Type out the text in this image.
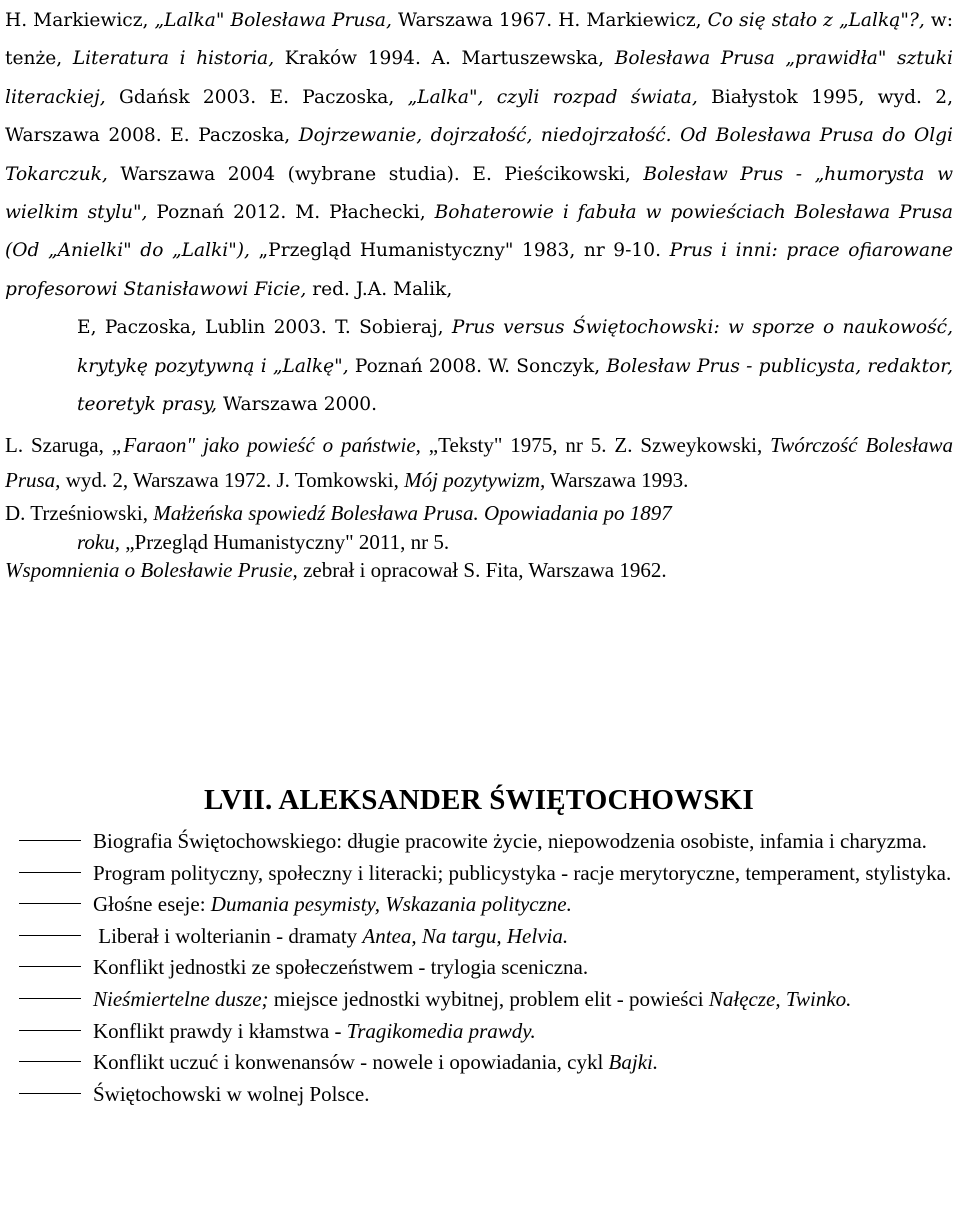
H. Markiewicz, „Lalka" Bolesława Prusa, Warszawa 1967. H. Markiewicz, Co się stało z „Lalką"?, w: tenże, Literatura i historia, Kraków 1994. A. Martuszewska, Bolesława Prusa „prawidła" sztuki literackiej, Gdańsk 2003. E. Paczoska, „Lalka", czyli rozpad świata, Białystok 1995, wyd. 2, Warszawa 2008. E. Paczoska, Dojrzewanie, dojrzałość, niedojrzałość. Od Bolesława Prusa do Olgi Tokarczuk, Warszawa 2004 (wybrane studia). E. Pieścikowski, Bolesław Prus - „humorysta w wielkim stylu", Poznań 2012. M. Płachecki, Bohaterowie i fabuła w powieściach Bolesława Prusa (Od „Anielki" do „Lalki"), „Przegląd Humanistyczny" 1983, nr 9-10. Prus i inni: prace ofiarowane profesorowi Stanisławowi Ficie, red. J.A. Malik,

E, Paczoska, Lublin 2003. T. Sobieraj, Prus versus Świętochowski: w sporze o naukowość, krytykę pozytywną i „Lalkę", Poznań 2008. W. Sonczyk, Bolesław Prus - publicysta, redaktor, teoretyk prasy, Warszawa 2000.

L. Szaruga, „Faraon" jako powieść o państwie, „Teksty" 1975, nr 5. Z. Szweykowski, Twórczość Bolesława Prusa, wyd. 2, Warszawa 1972. J. Tomkowski, Mój pozytywizm, Warszawa 1993.

D. Trześniowski, Małżeńska spowiedź Bolesława Prusa. Opowiadania po 1897

roku, „Przegląd Humanistyczny" 2011, nr 5.

Wspomnienia o Bolesławie Prusie, zebrał i opracował S. Fita, Warszawa 1962.

LVII. ALEKSANDER ŚWIĘTOCHOWSKI

Biografia Świętochowskiego: długie pracowite życie, niepowodzenia osobiste, infamia i charyzma.

Program polityczny, społeczny i literacki; publicystyka - racje merytoryczne, temperament, stylistyka.

Głośne eseje: Dumania pesymisty, Wskazania polityczne.

Liberał i wolterianin - dramaty Antea, Na targu, Helvia.

Konflikt jednostki ze społeczeństwem - trylogia sceniczna.

Nieśmiertelne dusze; miejsce jednostki wybitnej, problem elit - powieści Nałęcze, Twinko.

Konflikt prawdy i kłamstwa - Tragikomedia prawdy.

Konflikt uczuć i konwenansów - nowele i opowiadania, cykl Bajki.

Świętochowski w wolnej Polsce.
